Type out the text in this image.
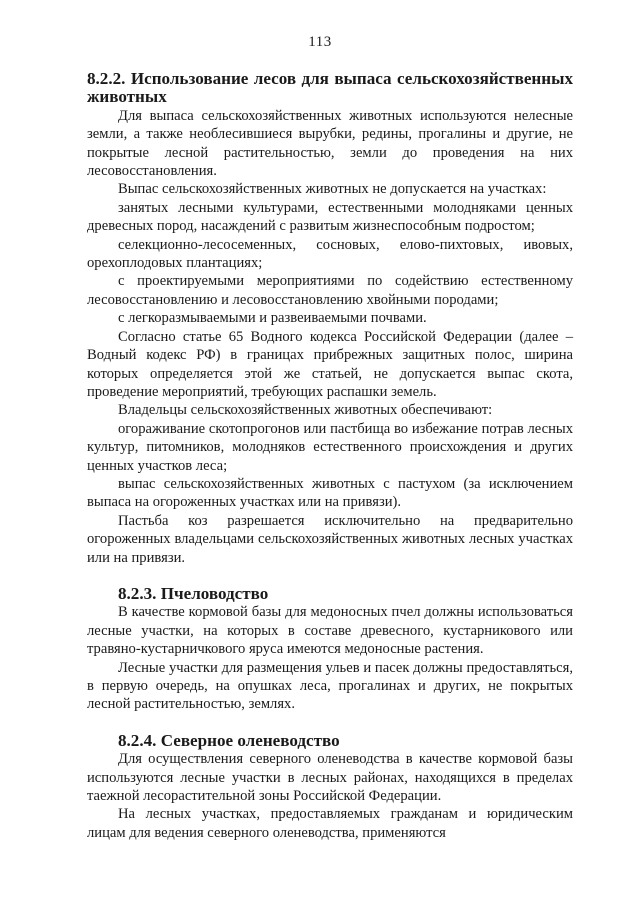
113
8.2.2. Использование лесов для выпаса сельскохозяйственных животных

Для выпаса сельскохозяйственных животных используются нелесные земли, а также необлесившиеся вырубки, редины, прогалины и другие, не покрытые лесной растительностью, земли до проведения на них лесовосстановления.

Выпас сельскохозяйственных животных не допускается на участках:

занятых лесными культурами, естественными молодняками ценных древесных пород, насаждений с развитым жизнеспособным подростом;

селекционно-лесосеменных, сосновых, елово-пихтовых, ивовых, орехоплодовых плантациях;

с проектируемыми мероприятиями по содействию естественному лесовосстановлению и лесовосстановлению хвойными породами;

с легкоразмываемыми и развеиваемыми почвами.

Согласно статье 65 Водного кодекса Российской Федерации (далее – Водный кодекс РФ) в границах прибрежных защитных полос, ширина которых определяется этой же статьей, не допускается выпас скота, проведение мероприятий, требующих распашки земель.

Владельцы сельскохозяйственных животных обеспечивают:

огораживание скотопрогонов или пастбища во избежание потрав лесных культур, питомников, молодняков естественного происхождения и других ценных участков леса;

выпас сельскохозяйственных животных с пастухом (за исключением выпаса на огороженных участках или на привязи).

Пастьба коз разрешается исключительно на предварительно огороженных владельцами сельскохозяйственных животных лесных участках или на привязи.

8.2.3. Пчеловодство

В качестве кормовой базы для медоносных пчел должны использоваться лесные участки, на которых в составе древесного, кустарникового или травяно-кустарничкового яруса имеются медоносные растения.

Лесные участки для размещения ульев и пасек должны предоставляться, в первую очередь, на опушках леса, прогалинах и других, не покрытых лесной растительностью, землях.

8.2.4. Северное оленеводство

Для осуществления северного оленеводства в качестве кормовой базы используются лесные участки в лесных районах, находящихся в пределах таежной лесорастительной зоны Российской Федерации.

На лесных участках, предоставляемых гражданам и юридическим лицам для ведения северного оленеводства, применяются
